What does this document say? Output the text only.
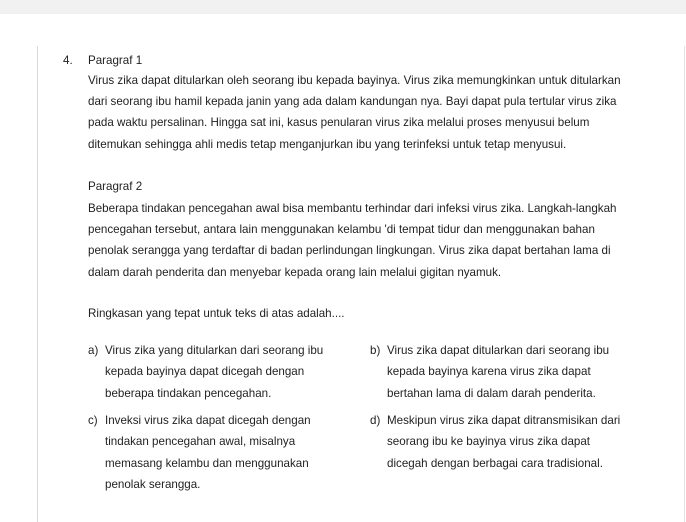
4. Paragraf 1
Virus zika dapat ditularkan oleh seorang ibu kepada bayinya. Virus zika memungkinkan untuk ditularkan
dari seorang ibu hamil kepada janin yang ada dalam kandungan nya. Bayi dapat pula tertular virus zika
pada waktu persalinan. Hingga sat ini, kasus penularan virus zika melalui proses menyusui belum
ditemukan sehingga ahli medis tetap menganjurkan ibu yang terinfeksi untuk tetap menyusui.
Paragraf 2
Beberapa tindakan pencegahan awal bisa membantu terhindar dari infeksi virus zika. Langkah-langkah
pencegahan tersebut, antara lain menggunakan kelambu 'di tempat tidur dan menggunakan bahan
penolak serangga yang terdaftar di badan perlindungan lingkungan. Virus zika dapat bertahan lama di
dalam darah penderita dan menyebar kepada orang lain melalui gigitan nyamuk.
Ringkasan yang tepat untuk teks di atas adalah....
a) Virus zika yang ditularkan dari seorang ibu
kepada bayinya dapat dicegah dengan
beberapa tindakan pencegahan.
b) Virus zika dapat ditularkan dari seorang ibu
kepada bayinya karena virus zika dapat
bertahan lama di dalam darah penderita.
c) Inveksi virus zika dapat dicegah dengan
tindakan pencegahan awal, misalnya
memasang kelambu dan menggunakan
penolak serangga.
d) Meskipun virus zika dapat ditransmisikan dari
seorang ibu ke bayinya virus zika dapat
dicegah dengan berbagai cara tradisional.
